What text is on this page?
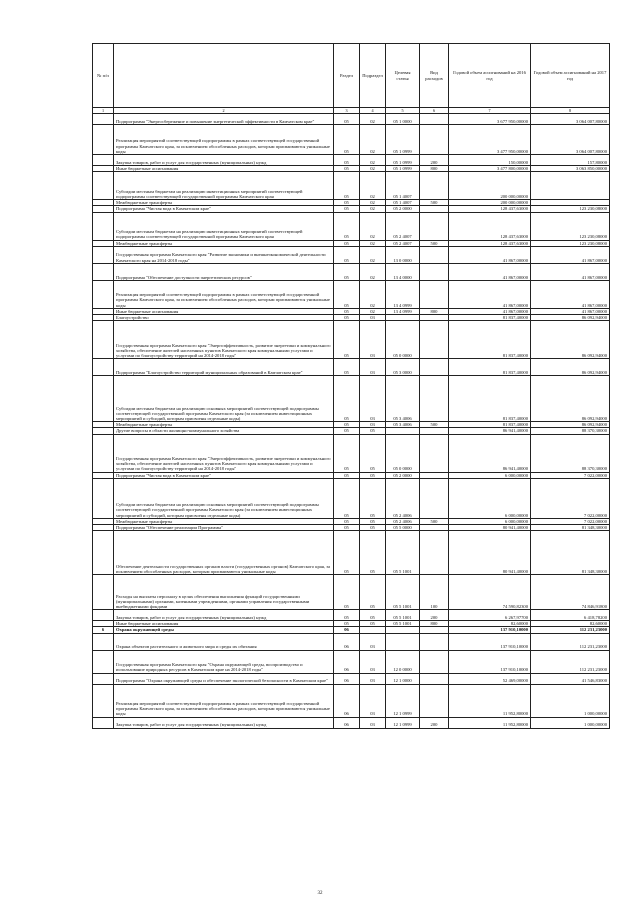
№ п/п		Раздел	Подраздел	Целевая статья	Вид расходов	Годовой объем ассигнований на 2016 год	Годовой объем ассигнований на 2017 год
1	2	3	4	5	6	7	8
	Подпрограмма "Энергосбережение и повышение энергетической эффективности в Камчатском крае"	05	02	05 1 0000		3 677 950,00000	3 064 007,80000
	Реализация мероприятий соответствующей подпрограммы в рамках соответствующей государственной программы Камчатского края, за исключением обособленных расходов, которым присваиваются уникальные коды	05	02	05 1 0999		3 477 950,00000	3 064 007,80000
	Закупка товаров, работ и услуг для государственных (муниципальных) нужд	05	02	05 1 0999	200	150,00000	157,80000
	Иные бюджетные ассигнования	05	02	05 1 0999	800	3 477 800,00000	3 063 850,00000
	Субсидии местным бюджетам на реализацию инвестиционных мероприятий соответствующей подпрограммы соответствующей государственной программы Камчатского края	05	02	05 1 4007		200 000,00000	
	Межбюджетные трансферты	05	02	05 1 4007	500	200 000,00000	
	Подпрограмма "Чистая вода в Камчатском крае"	05	02	05 2 0000		128 437,63000	123 230,08000
	Субсидии местным бюджетам на реализацию инвестиционных мероприятий соответствующей подпрограммы соответствующей государственной программы Камчатского края	05	02	05 2 4007		128 437,63000	123 230,08000
	Межбюджетные трансферты	05	02	05 2 4007	500	128 437,63000	123 230,08000
	Государственная программа Камчатского края "Развитие экономики и внешнеэкономической деятельности Камчатского края на 2014-2018 годы"	05	02	13 0 0000		41 867,00000	41 867,00000
	Подпрограмма "Обеспечение доступности энергетических ресурсов"	05	02	13 4 0000		41 867,00000	41 867,00000
	Реализация мероприятий соответствующей подпрограммы в рамках соответствующей государственной программы Камчатского края, за исключением обособленных расходов, которым присваиваются уникальные коды	05	02	13 4 0999		41 867,00000	41 867,00000
	Иные бюджетные ассигнования	05	02	13 4 0999	800	41 867,00000	41 867,00000
	Благоустройство	05	03			81 837,40000	86 092,94000
	Государственная программа Камчатского края "Энергоэффективность, развитие энергетики и коммунального хозяйства, обеспечение жителей населенных пунктов Камчатского края коммунальными услугами и услугами по благоустройству территорий на 2014-2018 годы"	05	03	05 0 0000		81 837,40000	86 092,94000
	Подпрограмма "Благоустройство территорий муниципальных образований в Камчатском крае"	05	03	05 3 0000		81 837,40000	86 092,94000
	Субсидии местным бюджетам на реализацию основных мероприятий соответствующей подпрограммы соответствующей государственной программы Камчатского края (за исключением инвестиционных мероприятий и субсидий, которым присвоены отдельные коды)	05	03	05 3 4006		81 837,40000	86 092,94000
	Межбюджетные трансферты	05	03	05 3 4006	500	81 837,40000	86 092,94000
	Другие вопросы в области жилищно-коммунального хозяйства	05	05			86 941,40000	88 370,30000
	Государственная программа Камчатского края "Энергоэффективность, развитие энергетики и коммунального хозяйства, обеспечение жителей населенных пунктов Камчатского края коммунальными услугами и услугами по благоустройству территорий на 2014-2018 годы"	05	05	05 0 0000		86 941,40000	88 370,30000
	Подпрограмма "Чистая вода в Камчатском крае"	05	05	05 2 0000		6 000,00000	7 022,00000
	Субсидии местным бюджетам на реализацию основных мероприятий соответствующей подпрограммы соответствующей государственной программы Камчатского края (за исключением инвестиционных мероприятий и субсидий, которым присвоены отдельные коды)	05	05	05 2 4006		6 000,00000	7 022,00000
	Межбюджетные трансферты	05	05	05 2 4006	500	6 000,00000	7 022,00000
	Подпрограмма "Обеспечение реализации Программы"	05	05	05 5 0000		80 941,40000	81 348,30000
	Обеспечение деятельности государственных органов власти (государственных органов) Камчатского края, за исключением обособленных расходов, которым присваиваются уникальные коды	05	05	05 5 1001		80 941,40000	81 348,30000
	Расходы на выплаты персоналу в целях обеспечения выполнения функций государственными (муниципальными) органами, казенными учреждениями, органами управления государственными внебюджетными фондами	05	05	05 5 1001	100	74 590,82300	74 846,91800
	Закупка товаров, работ и услуг для государственных (муниципальных) нужд	05	05	05 5 1001	200	6 267,97700	6 418,78200
	Иные бюджетные ассигнования	05	05	05 5 1001	800	82,60000	82,60000
6	Охрана окружающей среды	06				137 910,10000	112 231,23000
	Охрана объектов растительного и животного мира и среды их обитания	06	03			137 910,10000	112 231,23000
	Государственная программа Камчатского края "Охрана окружающей среды, воспроизводство и использование природных ресурсов в Камчатском крае на 2014-2018 годы"	06	03	12 0 0000		137 910,10000	112 231,23000
	Подпрограмма "Охрана окружающей среды и обеспечение экологической безопасности в Камчатском крае"	06	03	12 1 0000		52 469,00000	41 546,83000
	Реализация мероприятий соответствующей подпрограммы в рамках соответствующей государственной программы Камчатского края, за исключением обособленных расходов, которым присваиваются уникальные коды	06	03	12 1 0999		11 952,80000	1 000,00000
	Закупка товаров, работ и услуг для государственных (муниципальных) нужд	06	03	12 1 0999	200	11 952,80000	1 000,00000
32
